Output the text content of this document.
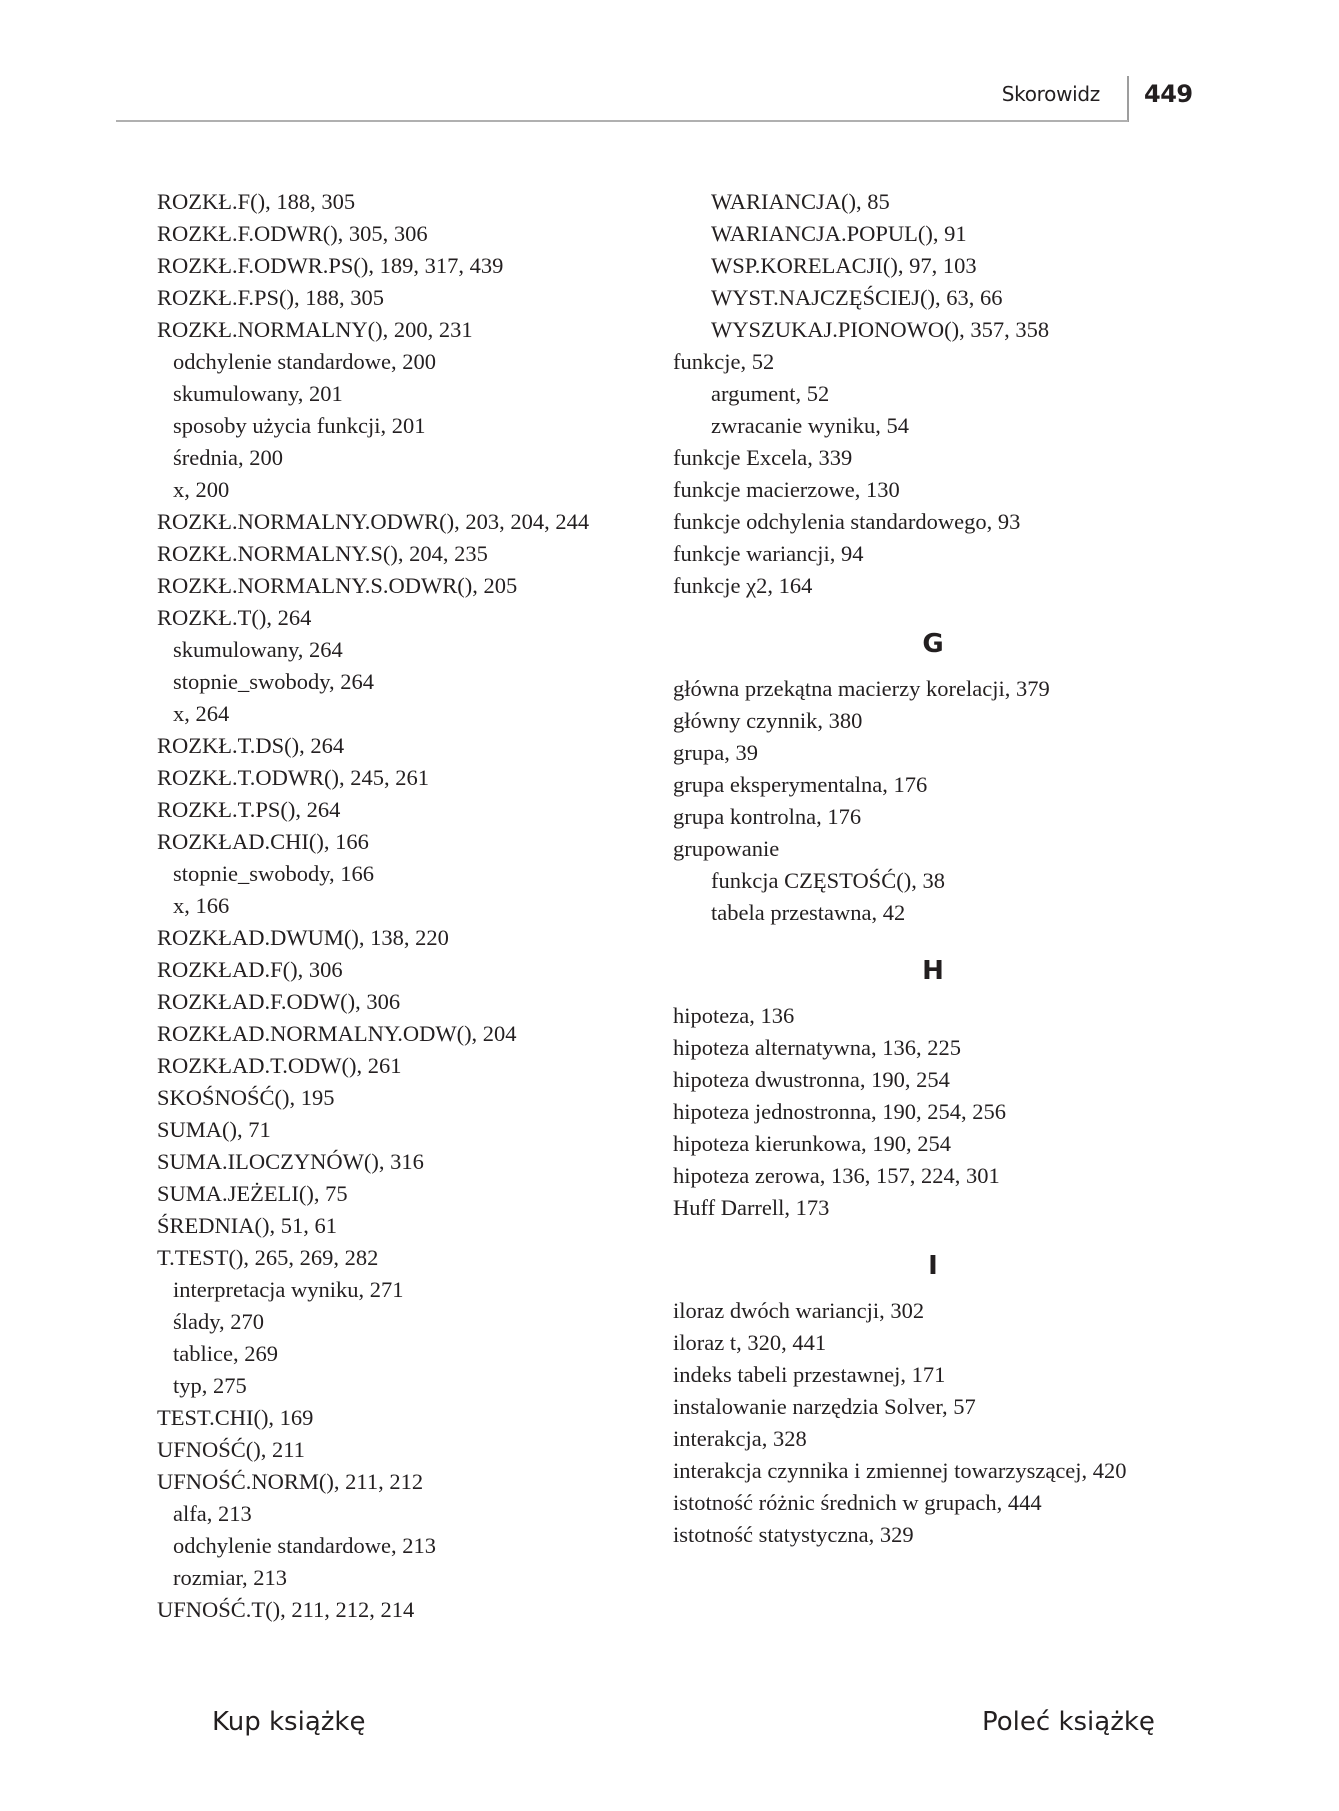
Skorowidz 449
ROZKŁ.F(), 188, 305
ROZKŁ.F.ODWR(), 305, 306
ROZKŁ.F.ODWR.PS(), 189, 317, 439
ROZKŁ.F.PS(), 188, 305
ROZKŁ.NORMALNY(), 200, 231
odchylenie standardowe, 200
skumulowany, 201
sposoby użycia funkcji, 201
średnia, 200
x, 200
ROZKŁ.NORMALNY.ODWR(), 203, 204, 244
ROZKŁ.NORMALNY.S(), 204, 235
ROZKŁ.NORMALNY.S.ODWR(), 205
ROZKŁ.T(), 264
skumulowany, 264
stopnie_swobody, 264
x, 264
ROZKŁ.T.DS(), 264
ROZKŁ.T.ODWR(), 245, 261
ROZKŁ.T.PS(), 264
ROZKŁAD.CHI(), 166
stopnie_swobody, 166
x, 166
ROZKŁAD.DWUM(), 138, 220
ROZKŁAD.F(), 306
ROZKŁAD.F.ODW(), 306
ROZKŁAD.NORMALNY.ODW(), 204
ROZKŁAD.T.ODW(), 261
SKOŚNOŚĆ(), 195
SUMA(), 71
SUMA.ILOCZYNÓW(), 316
SUMA.JEŻELI(), 75
ŚREDNIA(), 51, 61
T.TEST(), 265, 269, 282
interpretacja wyniku, 271
ślady, 270
tablice, 269
typ, 275
TEST.CHI(), 169
UFNOŚĆ(), 211
UFNOŚĆ.NORM(), 211, 212
alfa, 213
odchylenie standardowe, 213
rozmiar, 213
UFNOŚĆ.T(), 211, 212, 214
WARIANCJA(), 85
WARIANCJA.POPUL(), 91
WSP.KORELACJI(), 97, 103
WYST.NAJCZĘŚCIEJ(), 63, 66
WYSZUKAJ.PIONOWO(), 357, 358
funkcje, 52
argument, 52
zwracanie wyniku, 54
funkcje Excela, 339
funkcje macierzowe, 130
funkcje odchylenia standardowego, 93
funkcje wariancji, 94
funkcje χ2, 164
G
główna przekątna macierzy korelacji, 379
główny czynnik, 380
grupa, 39
grupa eksperymentalna, 176
grupa kontrolna, 176
grupowanie
funkcja CZĘSTOŚĆ(), 38
tabela przestawna, 42
H
hipoteza, 136
hipoteza alternatywna, 136, 225
hipoteza dwustronna, 190, 254
hipoteza jednostronna, 190, 254, 256
hipoteza kierunkowa, 190, 254
hipoteza zerowa, 136, 157, 224, 301
Huff Darrell, 173
I
iloraz dwóch wariancji, 302
iloraz t, 320, 441
indeks tabeli przestawnej, 171
instalowanie narzędzia Solver, 57
interakcja, 328
interakcja czynnika i zmiennej towarzyszącej, 420
istotność różnic średnich w grupach, 444
istotność statystyczna, 329
Kup książkę	Poleć książkę
